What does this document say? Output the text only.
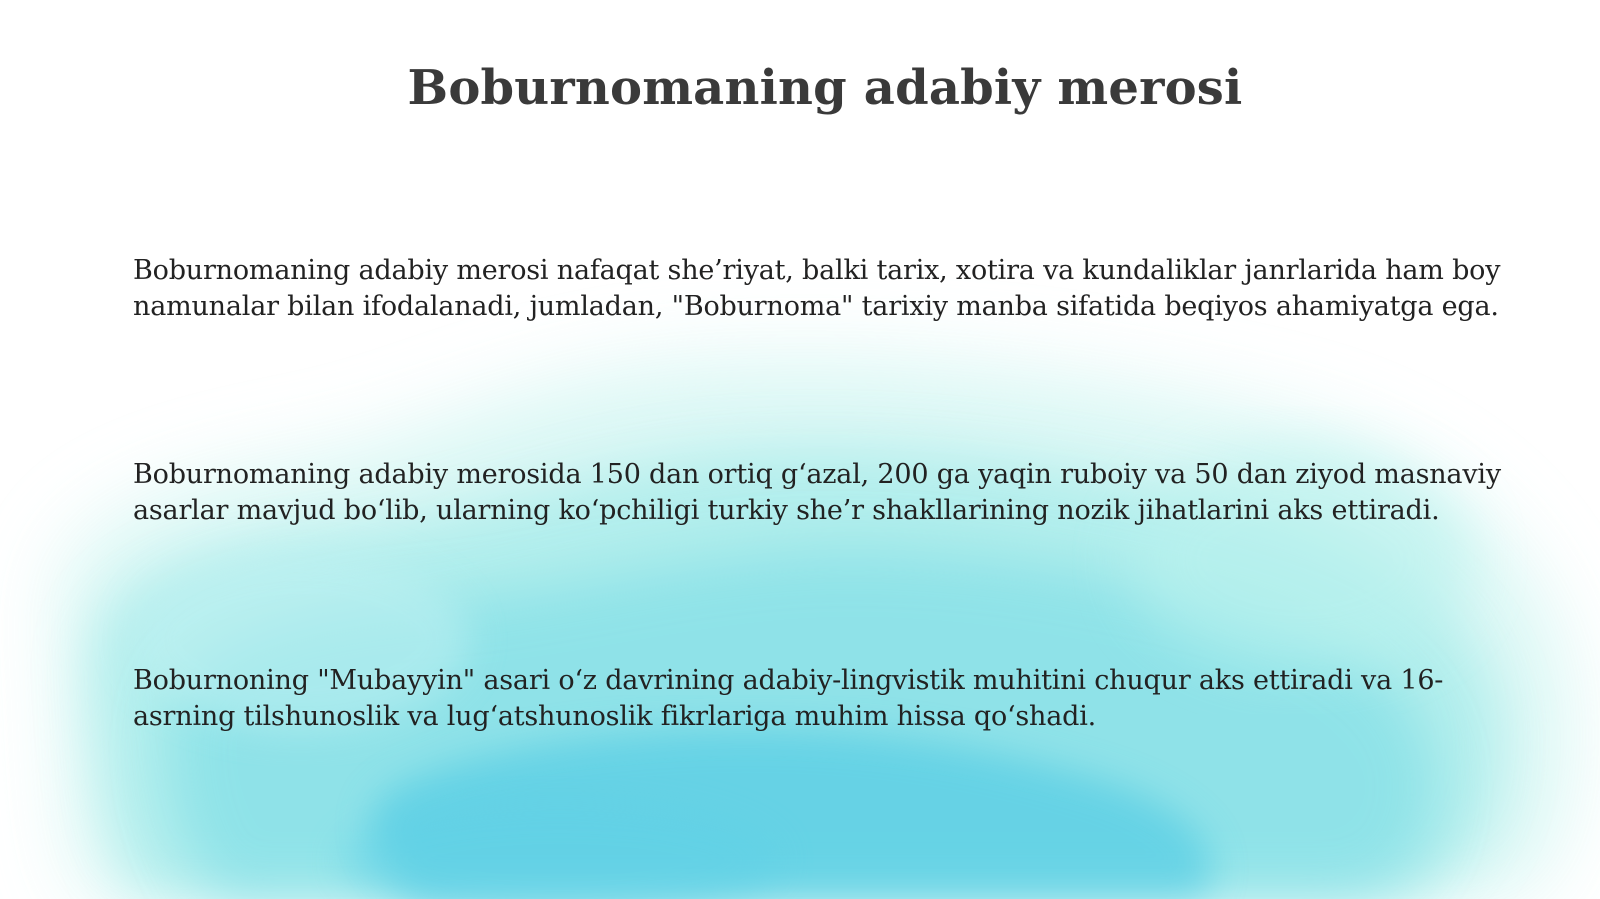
Boburnomaning adabiy merosi

Boburnomaning adabiy merosi nafaqat she’riyat, balki tarix, xotira va kundaliklar janrlarida ham boy namunalar bilan ifodalanadi, jumladan, "Boburnoma" tarixiy manba sifatida beqiyos ahamiyatga ega.

Boburnomaning adabiy merosida 150 dan ortiq g‘azal, 200 ga yaqin ruboiy va 50 dan ziyod masnaviy asarlar mavjud bo‘lib, ularning ko‘pchiligi turkiy she’r shakllarining nozik jihatlarini aks ettiradi.

Boburnoning "Mubayyin" asari o‘z davrining adabiy-lingvistik muhitini chuqur aks ettiradi va 16-asrning tilshunoslik va lug‘atshunoslik fikrlariga muhim hissa qo‘shadi.
